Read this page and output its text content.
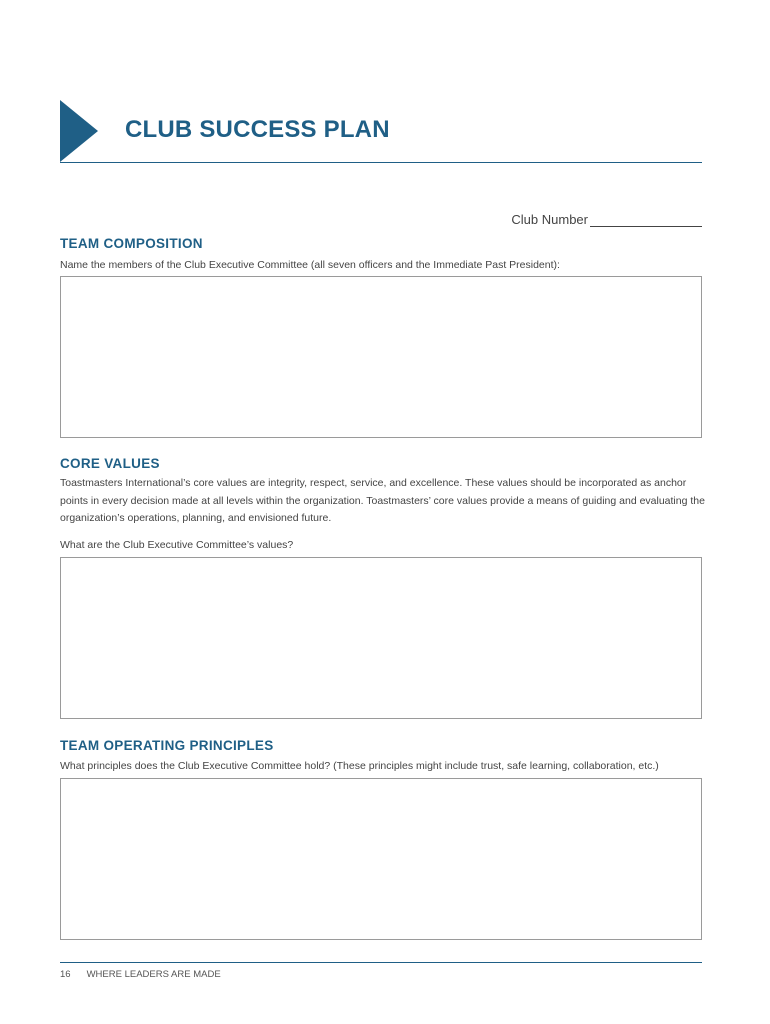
CLUB SUCCESS PLAN
Club Number
TEAM COMPOSITION
Name the members of the Club Executive Committee (all seven officers and the Immediate Past President):
CORE VALUES
Toastmasters International’s core values are integrity, respect, service, and excellence. These values should be incorporated as anchor points in every decision made at all levels within the organization. Toastmasters’ core values provide a means of guiding and evaluating the organization’s operations, planning, and envisioned future.
What are the Club Executive Committee’s values?
TEAM OPERATING PRINCIPLES
What principles does the Club Executive Committee hold? (These principles might include trust, safe learning, collaboration, etc.)
16 WHERE LEADERS ARE MADE
